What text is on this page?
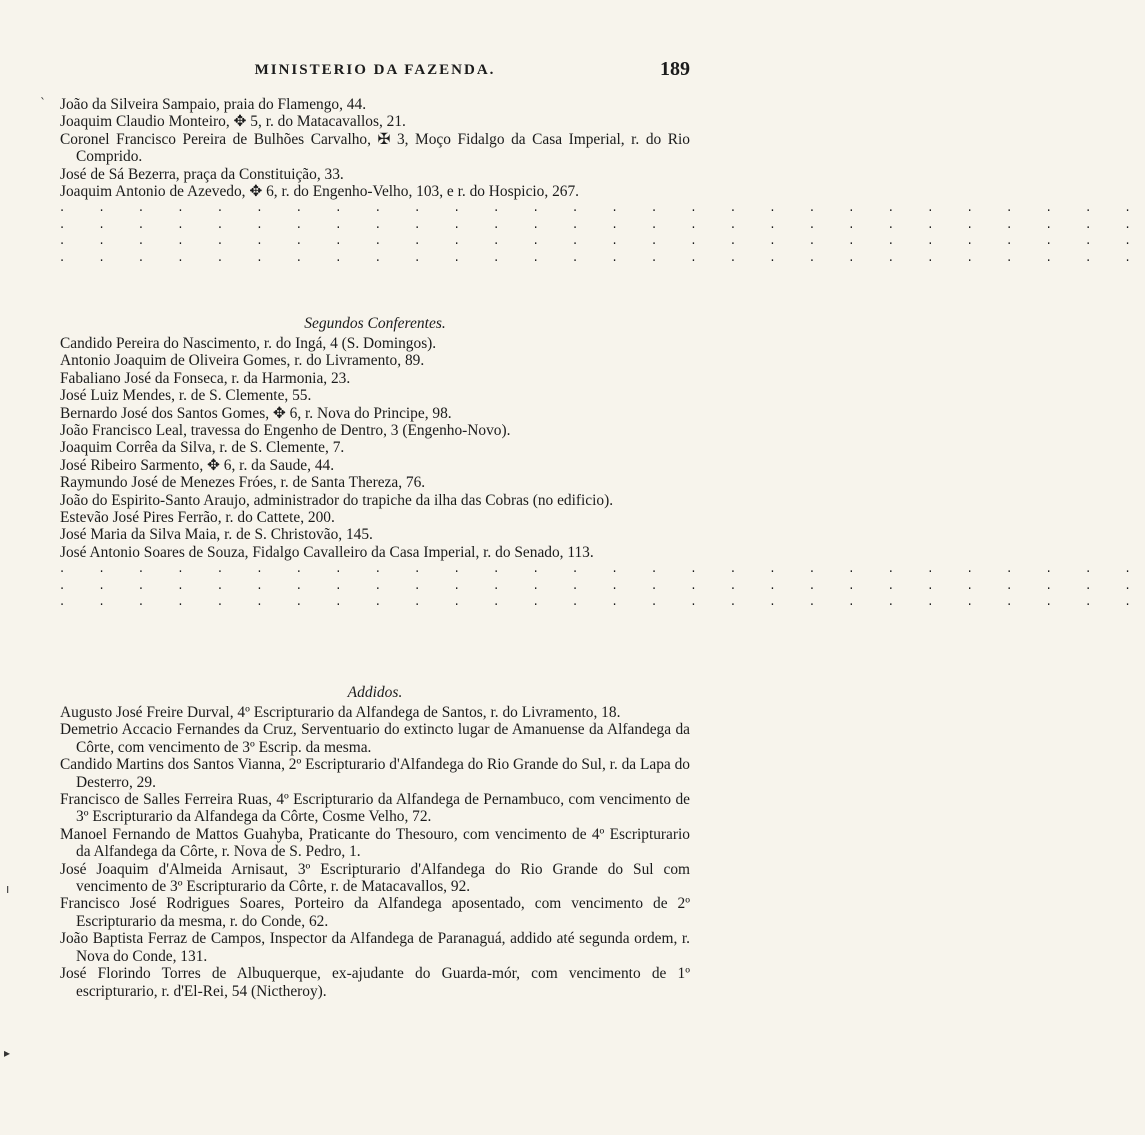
MINISTERIO DA FAZENDA.	189
ˋ João da Silveira Sampaio, praia do Flamengo, 44.
Joaquim Claudio Monteiro, ✥ 5, r. do Matacavallos, 21.
Coronel Francisco Pereira de Bulhões Carvalho, ✠ 3, Moço Fidalgo da Casa Imperial, r. do Rio Comprido.
José de Sá Bezerra, praça da Constituição, 33.
Joaquim Antonio de Azevedo, ✥ 6, r. do Engenho-Velho, 103, e r. do Hospicio, 267.
. . . . . . . . . . . . . . . . . . . . . . . . . . . .
. . . . . . . . . . . . . . . . . . . . . . . . . . . .
. . . . . . . . . . . . . . . . . . . . . . . . . . . .
. . . . . . . . . . . . . . . . . . . . . . . . . . . .
Segundos Conferentes.
Candido Pereira do Nascimento, r. do Ingá, 4 (S. Domingos).
Antonio Joaquim de Oliveira Gomes, r. do Livramento, 89.
Fabaliano José da Fonseca, r. da Harmonia, 23.
José Luiz Mendes, r. de S. Clemente, 55.
Bernardo José dos Santos Gomes, ✥ 6, r. Nova do Principe, 98.
João Francisco Leal, travessa do Engenho de Dentro, 3 (Engenho-Novo).
Joaquim Corrêa da Silva, r. de S. Clemente, 7.
José Ribeiro Sarmento, ✥ 6, r. da Saude, 44.
Raymundo José de Menezes Fróes, r. de Santa Thereza, 76.
João do Espirito-Santo Araujo, administrador do trapiche da ilha das Cobras (no edificio).
Estevão José Pires Ferrão, r. do Cattete, 200.
José Maria da Silva Maia, r. de S. Christovão, 145.
José Antonio Soares de Souza, Fidalgo Cavalleiro da Casa Imperial, r. do Senado, 113.
. . . . . . . . . . . . . . . . . . . . . . . . . . . .
. . . . . . . . . . . . . . . . . . . . . . . . . . . .
. . . . . . . . . . . . . . . . . . . . . . . . . . . .
ı
Addidos.
Augusto José Freire Durval, 4º Escripturario da Alfandega de Santos, r. do Livramento, 18.
Demetrio Accacio Fernandes da Cruz, Serventuario do extincto lugar de Amanuense da Alfandega da Côrte, com vencimento de 3º Escrip. da mesma.
Candido Martins dos Santos Vianna, 2º Escripturario d'Alfandega do Rio Grande do Sul, r. da Lapa do Desterro, 29.
Francisco de Salles Ferreira Ruas, 4º Escripturario da Alfandega de Pernambuco, com vencimento de 3º Escripturario da Alfandega da Côrte, Cosme Velho, 72.
Manoel Fernando de Mattos Guahyba, Praticante do Thesouro, com vencimento de 4º Escripturario da Alfandega da Côrte, r. Nova de S. Pedro, 1.
José Joaquim d'Almeida Arnisaut, 3º Escripturario d'Alfandega do Rio Grande do Sul com vencimento de 3º Escripturario da Côrte, r. de Matacavallos, 92.
Francisco José Rodrigues Soares, Porteiro da Alfandega aposentado, com vencimento de 2º Escripturario da mesma, r. do Conde, 62.
João Baptista Ferraz de Campos, Inspector da Alfandega de Paranaguá, addido até segunda ordem, r. Nova do Conde, 131.
José Florindo Torres de Albuquerque, ex-ajudante do Guarda-mór, com vencimento de 1º escripturario, r. d'El-Rei, 54 (Nictheroy).
▸
